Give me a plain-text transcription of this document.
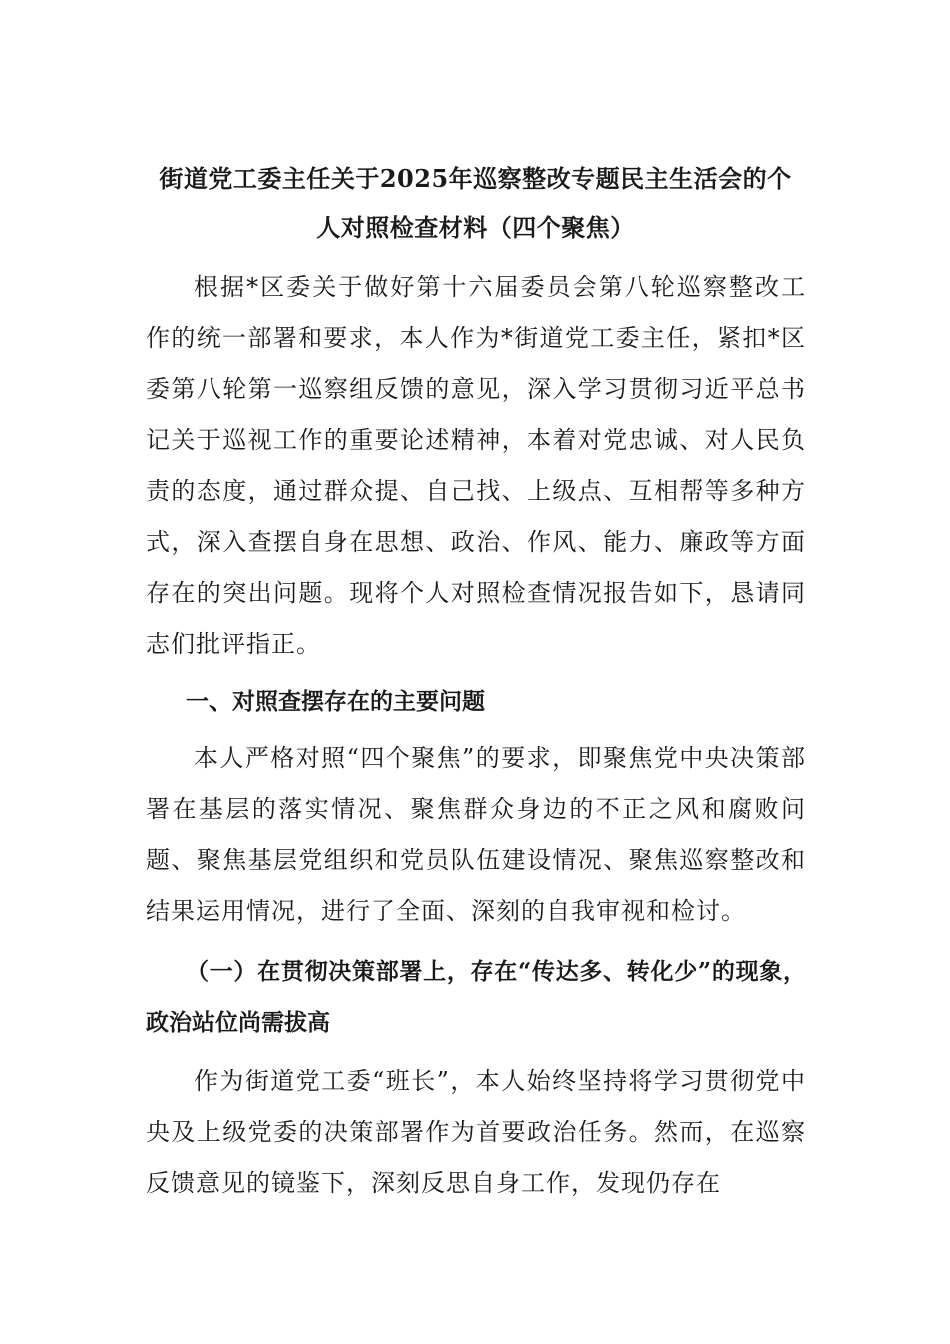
街道党工委主任关于2025年巡察整改专题民主生活会的个
人对照检查材料（四个聚焦）

根据*区委关于做好第十六届委员会第八轮巡察整改工作的统一部署和要求，本人作为*街道党工委主任，紧扣*区委第八轮第一巡察组反馈的意见，深入学习贯彻习近平总书记关于巡视工作的重要论述精神，本着对党忠诚、对人民负责的态度，通过群众提、自己找、上级点、互相帮等多种方式，深入查摆自身在思想、政治、作风、能力、廉政等方面存在的突出问题。现将个人对照检查情况报告如下，恳请同志们批评指正。

一、对照查摆存在的主要问题

本人严格对照“四个聚焦”的要求，即聚焦党中央决策部署在基层的落实情况、聚焦群众身边的不正之风和腐败问题、聚焦基层党组织和党员队伍建设情况、聚焦巡察整改和结果运用情况，进行了全面、深刻的自我审视和检讨。

（一）在贯彻决策部署上，存在“传达多、转化少”的现象，政治站位尚需拔高

作为街道党工委“班长”，本人始终坚持将学习贯彻党中央及上级党委的决策部署作为首要政治任务。然而，在巡察反馈意见的镜鉴下，深刻反思自身工作，发现仍存在
